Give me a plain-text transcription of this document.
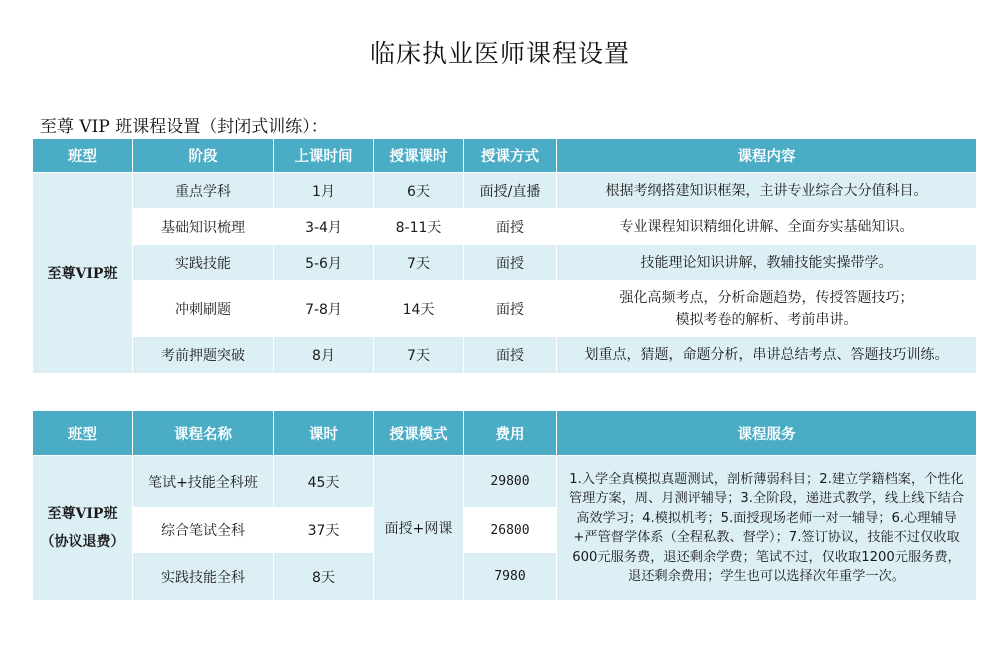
临床执业医师课程设置
至尊 VIP 班课程设置（封闭式训练）：
班型	阶段	上课时间	授课课时	授课方式	课程内容
至尊VIP班	重点学科	1月	6天	面授/直播	根据考纲搭建知识框架，主讲专业综合大分值科目。
	基础知识梳理	3-4月	8-11天	面授	专业课程知识精细化讲解、全面夯实基础知识。
	实践技能	5-6月	7天	面授	技能理论知识讲解，教辅技能实操带学。
	冲刺刷题	7-8月	14天	面授	强化高频考点，分析命题趋势，传授答题技巧；
模拟考卷的解析、考前串讲。

	考前押题突破	8月	7天	面授	划重点，猜题，命题分析，串讲总结考点、答题技巧训练。
班型	课程名称	课时	授课模式	费用	课程服务

至尊VIP班
（协议退费）	笔试+技能全科班	45天	面授+网课	29800	1.入学全真模拟真题测试，剖析薄弱科目；2.建立学籍档案，个性化管理方案，周、月测评辅导；3.全阶段，递进式教学，线上线下结合高效学习；4.模拟机考；5.面授现场老师一对一辅导；6.心理辅导+严管督学体系（全程私教、督学）；7.签订协议，技能不过仅收取600元服务费，退还剩余学费；笔试不过，仅收取1200元服务费，退还剩余费用；学生也可以选择次年重学一次。
	综合笔试全科	37天		26800	
	实践技能全科	8天		7980	
